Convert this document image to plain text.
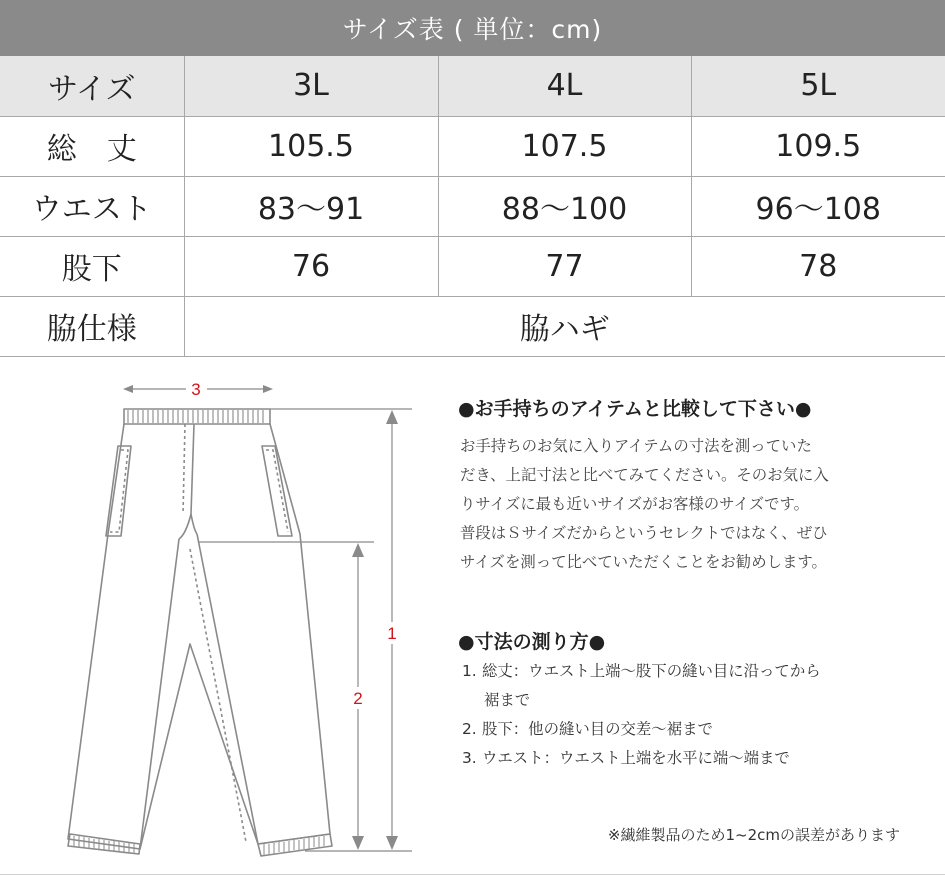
サイズ表 ( 単位：cm)
サイズ	3L	4L	5L
総　丈	105.5	107.5	109.5
ウエスト	83～91	88～100	96～108
股下	76	77	78
脇仕様	脇ハギ		
3
1
2
●お手持ちのアイテムと比較して下さい●
お手持ちのお気に入りアイテムの寸法を測っていた
だき、上記寸法と比べてみてください。そのお気に入
りサイズに最も近いサイズがお客様のサイズです。
普段はＳサイズだからというセレクトではなく、ぜひ
サイズを測って比べていただくことをお勧めします。
●寸法の測り方●
1. 総丈：ウエスト上端～股下の縫い目に沿ってから
裾まで
2. 股下：他の縫い目の交差～裾まで
3. ウエスト：ウエスト上端を水平に端～端まで
※繊維製品のため1~2cmの誤差があります
